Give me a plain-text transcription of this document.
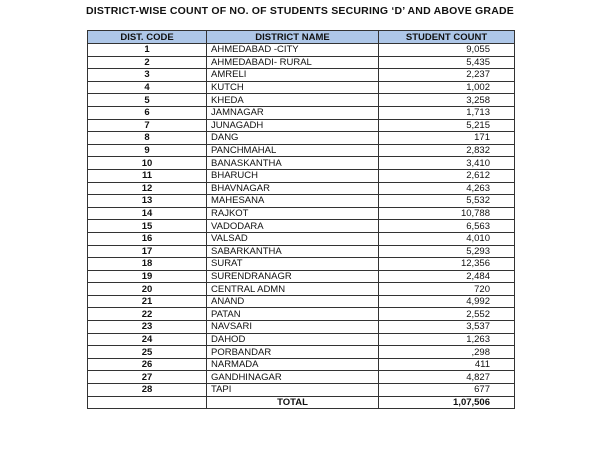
DISTRICT-WISE COUNT OF NO. OF STUDENTS SECURING ‘D’ AND ABOVE GRADE
DIST. CODE	DISTRICT NAME	STUDENT COUNT
1	AHMEDABAD -CITY	9,055
2	AHMEDABADI- RURAL	5,435
3	AMRELI	2,237
4	KUTCH	1,002
5	KHEDA	3,258
6	JAMNAGAR	1,713
7	JUNAGADH	5,215
8	DANG	171
9	PANCHMAHAL	2,832
10	BANASKANTHA	3,410
11	BHARUCH	2,612
12	BHAVNAGAR	4,263
13	MAHESANA	5,532
14	RAJKOT	10,788
15	VADODARA	6,563
16	VALSAD	4,010
17	SABARKANTHA	5,293
18	SURAT	12,356
19	SURENDRANAGR	2,484
20	CENTRAL ADMN	720
21	ANAND	4,992
22	PATAN	2,552
23	NAVSARI	3,537
24	DAHOD	1,263
25	PORBANDAR	,298
26	NARMADA	411
27	GANDHINAGAR	4,827
28	TAPI	677
	TOTAL	1,07,506
